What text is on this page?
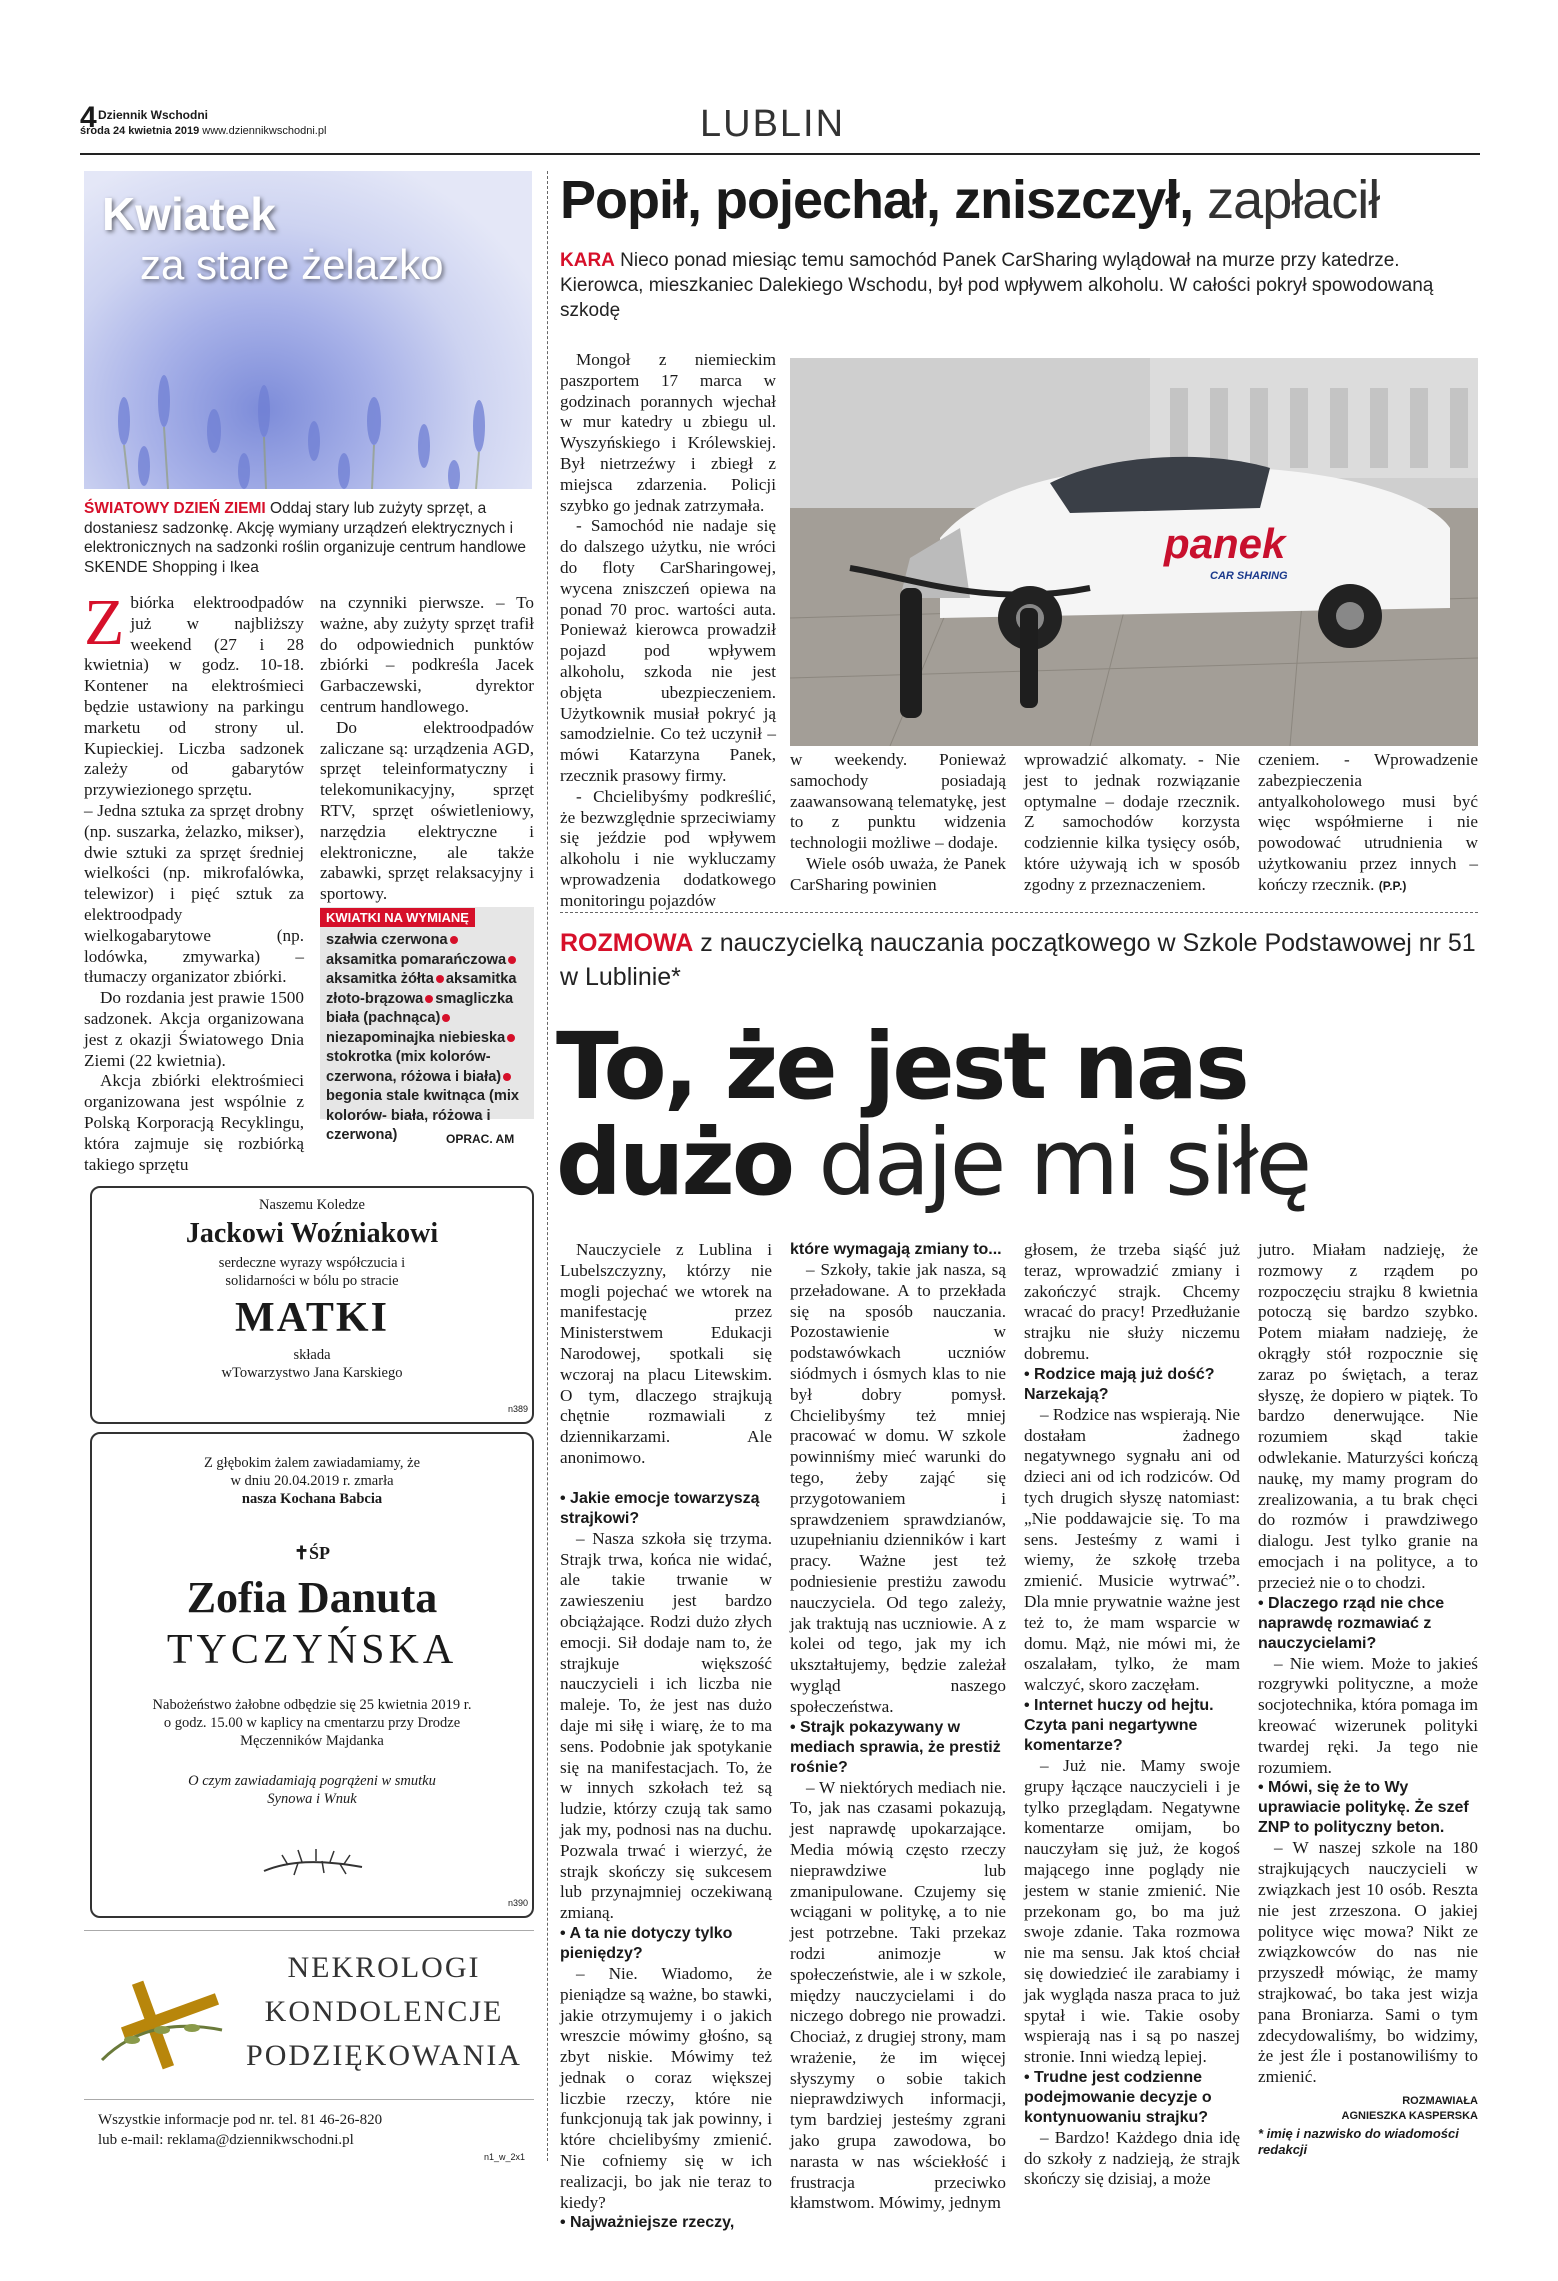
4 Dziennik Wschodni
środa 24 kwietnia 2019 www.dziennikwschodni.pl	LUBLIN
Kwiatek
za stare żelazko
ŚWIATOWY DZIEŃ ZIEMI Oddaj stary lub zużyty sprzęt, a dostaniesz sadzonkę. Akcję wymiany urządzeń elektrycznych i elektronicznych na sadzonki roślin organizuje centrum handlowe SKENDE Shopping i Ikea

Zbiórka elektroodpadów już w najbliższy weekend (27 i 28 kwietnia) w godz. 10-18. Kontener na elektrośmieci będzie ustawiony na parkingu marketu od strony ul. Kupieckiej. Liczba sadzonek zależy od gabarytów przywiezionego sprzętu.

– Jedna sztuka za sprzęt drobny (np. suszarka, żelazko, mikser), dwie sztuki za sprzęt średniej wielkości (np. mikrofalówka, telewizor) i pięć sztuk za elektroodpady wielkogabarytowe (np. lodówka, zmywarka) – tłumaczy organizator zbiórki.

Do rozdania jest prawie 1500 sadzonek. Akcja organizowana jest z okazji Światowego Dnia Ziemi (22 kwietnia).

Akcja zbiórki elektrośmieci organizowana jest wspólnie z Polską Korporacją Recyklingu, która zajmuje się rozbiórką takiego sprzętu

na czynniki pierwsze. – To ważne, aby zużyty sprzęt trafił do odpowiednich punktów zbiórki – podkreśla Jacek Garbaczewski, dyrektor centrum handlowego.

Do elektroodpadów zaliczane są: urządzenia AGD, sprzęt teleinformatyczny i telekomunikacyjny, sprzęt RTV, sprzęt oświetleniowy, narzędzia elektryczne i elektroniczne, ale także zabawki, sprzęt relaksacyjny i sportowy.

KWIATKI NA WYMIANĘ
szałwia czerwonaaksamitka pomarańczowaaksamitka żółta aksamitka złoto-brązowa smagliczka biała (pachnąca)niezapominajka niebieskastokrotka (mix kolorów- czerwona, różowa i biała)begonia stale kwitnąca (mix kolorów- biała, różowa i czerwona)	OPRAC. AM
Naszemu Koledze
Jackowi Woźniakowi
serdeczne wyrazy współczucia i solidarności w bólu po stracie
MATKI
składa
wTowarzystwo Jana Karskiego
n389
Z głębokim żalem zawiadamiamy, że w dniu 20.04.2019 r. zmarła
nasza Kochana Babcia
✝ŚP
Zofia Danuta
TYCZYŃSKA
Nabożeństwo żałobne odbędzie się 25 kwietnia 2019 r. o godz. 15.00 w kaplicy na cmentarzu przy Drodze Męczenników Majdanka
O czym zawiadamiają pogrążeni w smutku
Synowa i Wnuk
n390
NEKROLOGI
KONDOLENCJE
PODZIĘKOWANIA
Wszystkie informacje pod nr. tel. 81 46-26-820
lub e-mail: reklama@dziennikwschodni.pl
n1_w_2x1
Popił, pojechał, zniszczył, zapłacił
KARA Nieco ponad miesiąc temu samochód Panek CarSharing wylądował na murze przy katedrze. Kierowca, mieszkaniec Dalekiego Wschodu, był pod wpływem alkoholu. W całości pokrył spowodowaną szkodę

Mongoł z niemieckim paszportem 17 marca w godzinach porannych wjechał w mur katedry u zbiegu ul. Wyszyńskiego i Królewskiej. Był nietrzeźwy i zbiegł z miejsca zdarzenia. Policji szybko go jednak zatrzymała.

- Samochód nie nadaje się do dalszego użytku, nie wróci do floty CarSharingowej, wycena zniszczeń opiewa na ponad 70 proc. wartości auta. Ponieważ kierowca prowadził pojazd pod wpływem alkoholu, szkoda nie jest objęta ubezpieczeniem. Użytkownik musiał pokryć ją samodzielnie. Co też uczynił – mówi Katarzyna Panek, rzecznik prasowy firmy.

- Chcielibyśmy podkreślić, że bezwzględnie sprzeciwiamy się jeździe pod wpływem alkoholu i nie wykluczamy wprowadzenia dodatkowego monitoringu pojazdów

panek
CAR SHARING

w weekendy. Ponieważ samochody posiadają zaawansowaną telematykę, jest to z punktu widzenia technologii możliwe – dodaje.

Wiele osób uważa, że Panek CarSharing powinien

wprowadzić alkomaty. - Nie jest to jednak rozwiązanie optymalne – dodaje rzecznik. Z samochodów korzysta codziennie kilka tysięcy osób, które używają ich w sposób zgodny z przeznaczeniem.

czeniem. - Wprowadzenie zabezpieczenia antyalkoholowego musi być więc współmierne i nie powodować utrudnienia w użytkowaniu przez innych – kończy rzecznik. (P.P.)

ROZMOWA z nauczycielką nauczania początkowego w Szkole Podstawowej nr 51 w Lublinie*
To, że jest nas
dużo daje mi siłę

Nauczyciele z Lublina i Lubelszczyzny, którzy nie mogli pojechać we wtorek na manifestację przez Ministerstwem Edukacji Narodowej, spotkali się wczoraj na placu Litewskim. O tym, dlaczego strajkują chętnie rozmawiali z dziennikarzami. Ale anonimowo.

• Jakie emocje towarzyszą strajkowi?

– Nasza szkoła się trzyma. Strajk trwa, końca nie widać, ale takie trwanie w zawieszeniu jest bardzo obciążające. Rodzi dużo złych emocji. Sił dodaje nam to, że strajkuje większość nauczycieli i ich liczba nie maleje. To, że jest nas dużo daje mi siłę i wiarę, że to ma sens. Podobnie jak spotykanie się na manifestacjach. To, że w innych szkołach też są ludzie, którzy czują tak samo jak my, podnosi nas na duchu. Pozwala trwać i wierzyć, że strajk skończy się sukcesem lub przynajmniej oczekiwaną zmianą.

• A ta nie dotyczy tylko pieniędzy?

– Nie. Wiadomo, że pieniądze są ważne, bo stawki, jakie otrzymujemy i o jakich wreszcie mówimy głośno, są zbyt niskie. Mówimy też jednak o coraz większej liczbie rzeczy, które nie funkcjonują tak jak powinny, i które chcielibyśmy zmienić. Nie cofniemy się w ich realizacji, bo jak nie teraz to kiedy?

• Najważniejsze rzeczy,

które wymagają zmiany to...

– Szkoły, takie jak nasza, są przeładowane. A to przekłada się na sposób nauczania. Pozostawienie w podstawówkach uczniów siódmych i ósmych klas to nie był dobry pomysł. Chcielibyśmy też mniej pracować w domu. W szkole powinniśmy mieć warunki do tego, żeby zająć się przygotowaniem i sprawdzeniem sprawdzianów, uzupełnianiu dzienników i kart pracy. Ważne jest też podniesienie prestiżu zawodu nauczyciela. Od tego zależy, jak traktują nas uczniowie. A z kolei od tego, jak my ich ukształtujemy, będzie zależał wygląd naszego społeczeństwa.

• Strajk pokazywany w mediach sprawia, że prestiż rośnie?

– W niektórych mediach nie. To, jak nas czasami pokazują, jest naprawdę upokarzające. Media mówią często rzeczy nieprawdziwe lub zmanipulowane. Czujemy się wciągani w politykę, a to nie jest potrzebne. Taki przekaz rodzi animozje w społeczeństwie, ale i w szkole, między nauczycielami i do niczego dobrego nie prowadzi. Chociaż, z drugiej strony, mam wrażenie, że im więcej słyszymy o sobie takich nieprawdziwych informacji, tym bardziej jesteśmy zgrani jako grupa zawodowa, bo narasta w nas wściekłość i frustracja przeciwko kłamstwom. Mówimy, jednym

głosem, że trzeba siąść już teraz, wprowadzić zmiany i zakończyć strajk. Chcemy wracać do pracy! Przedłużanie strajku nie służy niczemu dobremu.

• Rodzice mają już dość? Narzekają?

– Rodzice nas wspierają. Nie dostałam żadnego negatywnego sygnału ani od dzieci ani od ich rodziców. Od tych drugich słyszę natomiast: „Nie poddawajcie się. To ma sens. Jesteśmy z wami i wiemy, że szkołę trzeba zmienić. Musicie wytrwać”. Dla mnie prywatnie ważne jest też to, że mam wsparcie w domu. Mąż, nie mówi mi, że oszalałam, tylko, że mam walczyć, skoro zaczęłam.

• Internet huczy od hejtu. Czyta pani negartywne komentarze?

– Już nie. Mamy swoje grupy łączące nauczycieli i je tylko przeglądam. Negatywne komentarze omijam, bo nauczyłam się już, że kogoś mającego inne poglądy nie jestem w stanie zmienić. Nie przekonam go, bo ma już swoje zdanie. Taka rozmowa nie ma sensu. Jak ktoś chciał się dowiedzieć ile zarabiamy i jak wygląda nasza praca to już spytał i wie. Takie osoby wspierają nas i są po naszej stronie. Inni wiedzą lepiej.

• Trudne jest codzienne podejmowanie decyzje o kontynuowaniu strajku?

– Bardzo! Każdego dnia idę do szkoły z nadzieją, że strajk skończy się dzisiaj, a może

jutro. Miałam nadzieję, że rozmowy z rządem po rozpoczęciu strajku 8 kwietnia potoczą się bardzo szybko. Potem miałam nadzieję, że okrągły stół rozpocznie się zaraz po świętach, a teraz słyszę, że dopiero w piątek. To bardzo denerwujące. Nie rozumiem skąd takie odwlekanie. Maturzyści kończą naukę, my mamy program do zrealizowania, a tu brak chęci do rozmów i prawdziwego dialogu. Jest tylko granie na emocjach i na polityce, a to przecież nie o to chodzi.

• Dlaczego rząd nie chce naprawdę rozmawiać z nauczycielami?

– Nie wiem. Może to jakieś rozgrywki polityczne, a może socjotechnika, która pomaga im kreować wizerunek polityki twardej ręki. Ja tego nie rozumiem.

• Mówi, się że to Wy uprawiacie politykę. Że szef ZNP to polityczny beton.

– W naszej szkole na 180 strajkujących nauczycieli w związkach jest 10 osób. Reszta nie jest zrzeszona. O jakiej polityce więc mowa? Nikt ze związkowców do nas nie przyszedł mówiąc, że mamy strajkować, bo taka jest wizja pana Broniarza. Sami o tym zdecydowaliśmy, bo widzimy, że jest źle i postanowiliśmy to zmienić.

ROZMAWIAŁA
AGNIESZKA KASPERSKA
* imię i nazwisko do wiadomości redakcji
